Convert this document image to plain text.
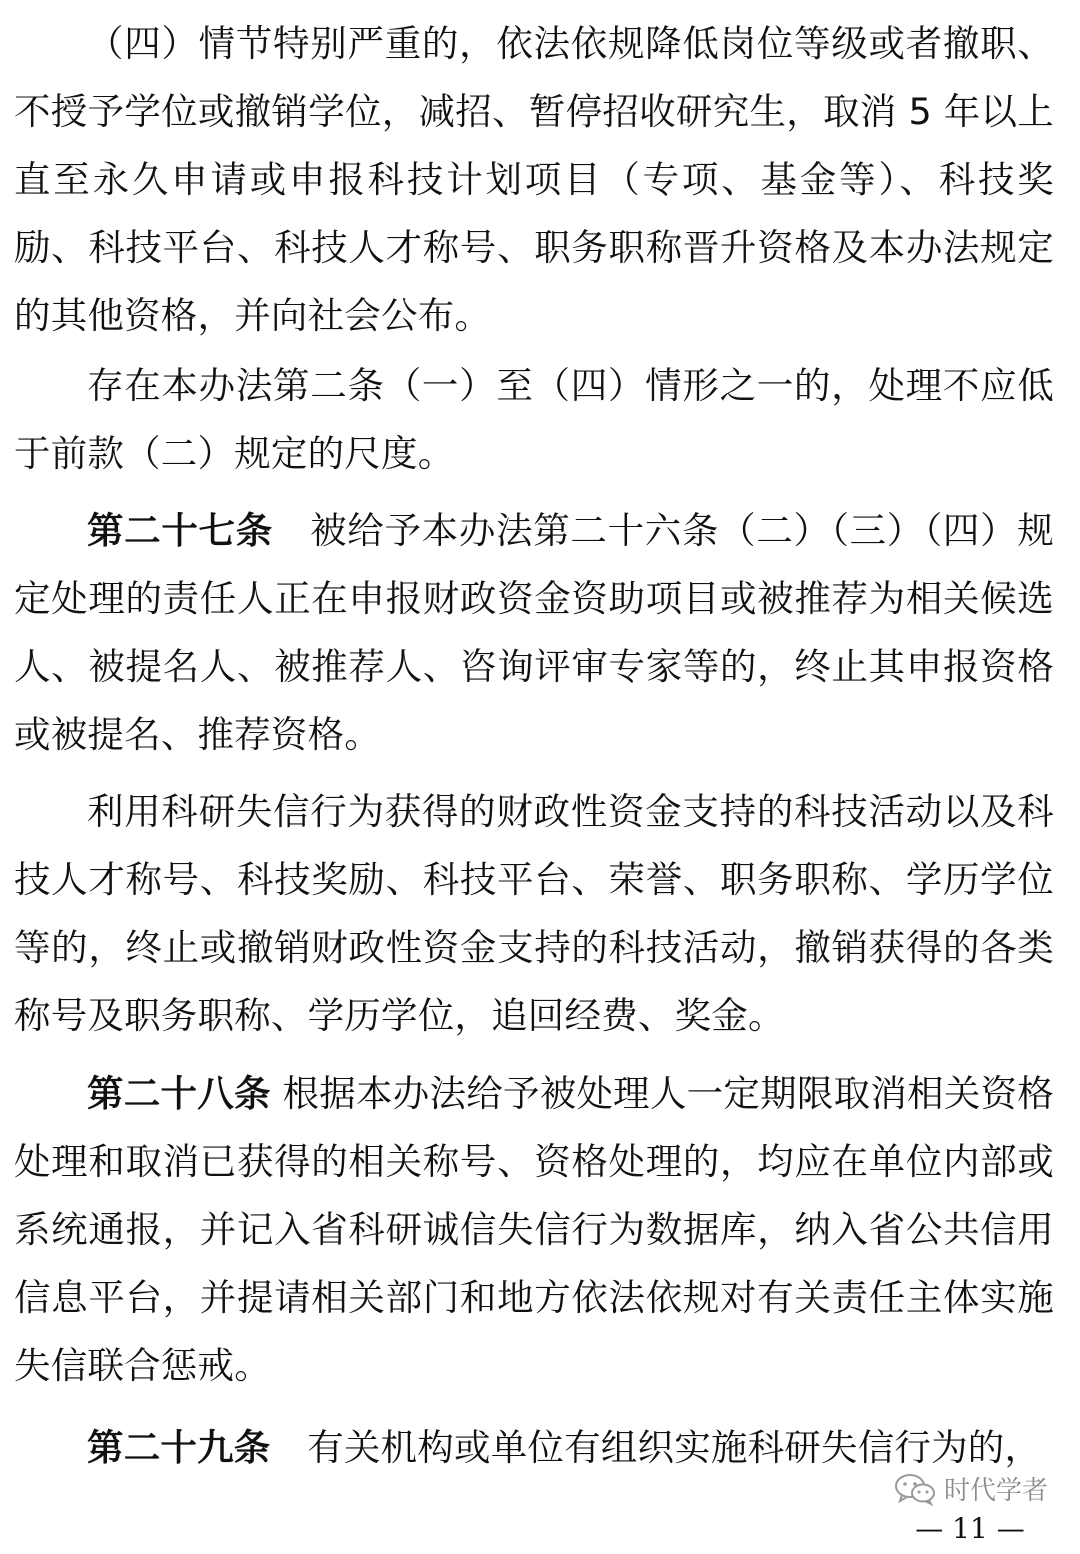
（四）情节特别严重的，依法依规降低岗位等级或者撤职、不授予学位或撤销学位，减招、暂停招收研究生，取消 5 年以上直至永久申请或申报科技计划项目（专项、基金等）、科技奖励、科技平台、科技人才称号、职务职称晋升资格及本办法规定的其他资格，并向社会公布。

存在本办法第二条（一）至（四）情形之一的，处理不应低于前款（二）规定的尺度。

第二十七条　 被给予本办法第二十六条（二）（三）（四）规定处理的责任人正在申报财政资金资助项目或被推荐为相关候选人、被提名人、被推荐人、咨询评审专家等的，终止其申报资格或被提名、推荐资格。

利用科研失信行为获得的财政性资金支持的科技活动以及科技人才称号、科技奖励、科技平台、荣誉、职务职称、学历学位等的，终止或撤销财政性资金支持的科技活动，撤销获得的各类称号及职务职称、学历学位，追回经费、奖金。

第二十八条 根据本办法给予被处理人一定期限取消相关资格处理和取消已获得的相关称号、资格处理的，均应在单位内部或系统通报，并记入省科研诚信失信行为数据库，纳入省公共信用信息平台，并提请相关部门和地方依法依规对有关责任主体实施失信联合惩戒。

第二十九条　 有关机构或单位有组织实施科研失信行为的，

时代学者
— 11 —
